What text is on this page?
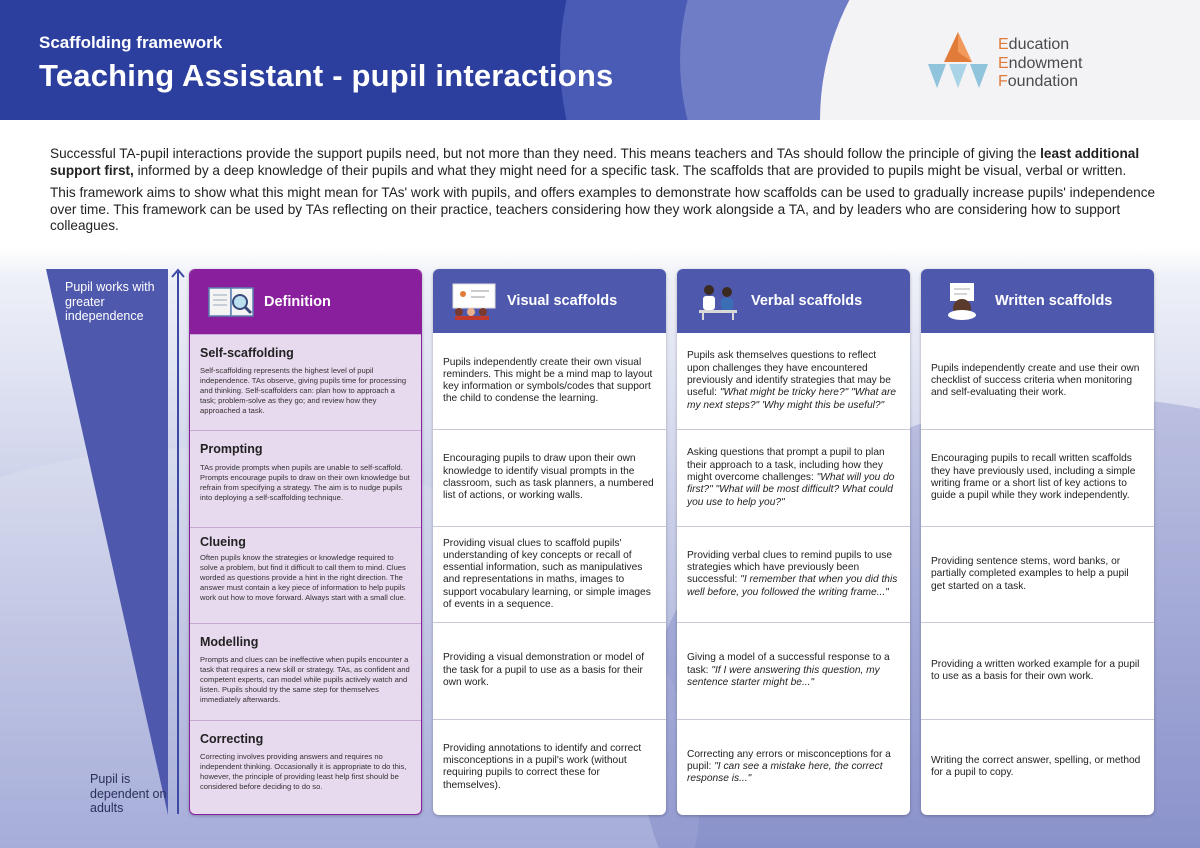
Scaffolding framework
Teaching Assistant - pupil interactions
Education
Endowment
Foundation

Successful TA-pupil interactions provide the support pupils need, but not more than they need. This means teachers and TAs should follow the principle of giving the least additional support first, informed by a deep knowledge of their pupils and what they might need for a specific task. The scaffolds that are provided to pupils might be visual, verbal or written.

This framework aims to show what this might mean for TAs' work with pupils, and offers examples to demonstrate how scaffolds can be used to gradually increase pupils' independence over time. This framework can be used by TAs reflecting on their practice, teachers considering how they work alongside a TA, and by leaders who are considering how to support colleagues.

Pupil works with greater independence
Pupil is dependent on adults
Definition
Self-scaffolding
Self-scaffolding represents the highest level of pupil independence. TAs observe, giving pupils time for processing and thinking. Self-scaffolders can: plan how to approach a task; problem-solve as they go; and review how they approached a task.
Prompting
TAs provide prompts when pupils are unable to self-scaffold. Prompts encourage pupils to draw on their own knowledge but refrain from specifying a strategy. The aim is to nudge pupils into deploying a self-scaffolding technique.
Clueing
Often pupils know the strategies or knowledge required to solve a problem, but find it difficult to call them to mind. Clues worded as questions provide a hint in the right direction. The answer must contain a key piece of information to help pupils work out how to move forward. Always start with a small clue.
Modelling
Prompts and clues can be ineffective when pupils encounter a task that requires a new skill or strategy. TAs, as confident and competent experts, can model while pupils actively watch and listen. Pupils should try the same step for themselves immediately afterwards.
Correcting
Correcting involves providing answers and requires no independent thinking. Occasionally it is appropriate to do this, however, the principle of providing least help first should be considered before deciding to do so.
Visual scaffolds
Pupils independently create their own visual reminders. This might be a mind map to layout key information or symbols/codes that support the child to condense the learning.
Encouraging pupils to draw upon their own knowledge to identify visual prompts in the classroom, such as task planners, a numbered list of actions, or working walls.
Providing visual clues to scaffold pupils' understanding of key concepts or recall of essential information, such as manipulatives and representations in maths, images to support vocabulary learning, or simple images of events in a sequence.
Providing a visual demonstration or model of the task for a pupil to use as a basis for their own work.
Providing annotations to identify and correct misconceptions in a pupil's work (without requiring pupils to correct these for themselves).
Verbal scaffolds
Pupils ask themselves questions to reflect upon challenges they have encountered previously and identify strategies that may be useful: "What might be tricky here?" "What are my next steps?" 'Why might this be useful?"
Asking questions that prompt a pupil to plan their approach to a task, including how they might overcome challenges: "What will you do first?" "What will be most difficult? What could you use to help you?"
Providing verbal clues to remind pupils to use strategies which have previously been successful: "I remember that when you did this well before, you followed the writing frame..."
Giving a model of a successful response to a task: "If I were answering this question, my sentence starter might be..."
Correcting any errors or misconceptions for a pupil: "I can see a mistake here, the correct response is..."
Written scaffolds
Pupils independently create and use their own checklist of success criteria when monitoring and self-evaluating their work.
Encouraging pupils to recall written scaffolds they have previously used, including a simple writing frame or a short list of key actions to guide a pupil while they work independently.
Providing sentence stems, word banks, or partially completed examples to help a pupil get started on a task.
Providing a written worked example for a pupil to use as a basis for their own work.
Writing the correct answer, spelling, or method for a pupil to copy.
